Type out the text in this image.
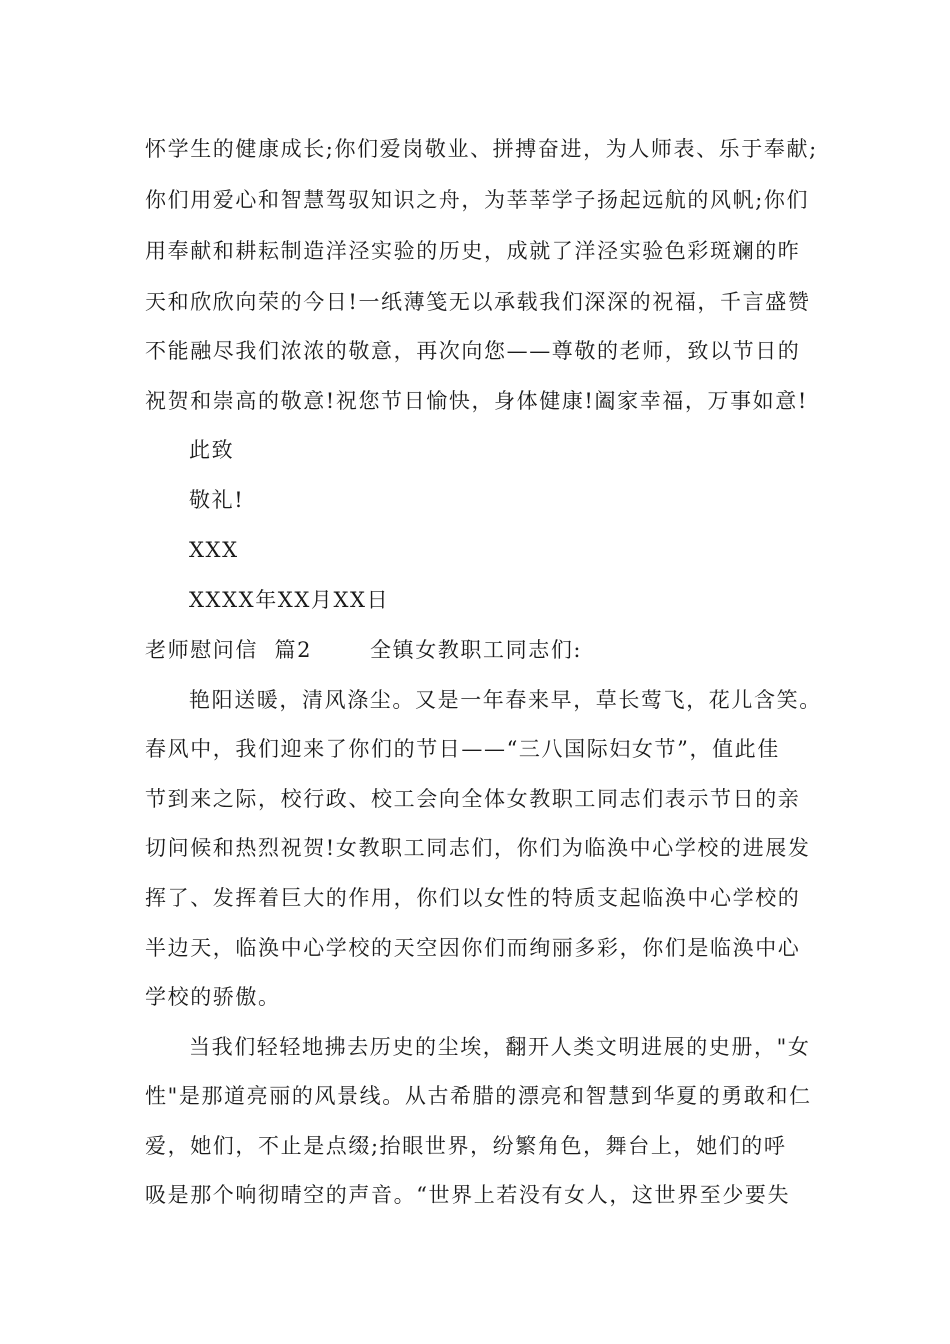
怀学生的健康成长;你们爱岗敬业、拼搏奋进，为人师表、乐于奉献;
你们用爱心和智慧驾驭知识之舟，为莘莘学子扬起远航的风帆;你们
用奉献和耕耘制造洋泾实验的历史，成就了洋泾实验色彩斑斓的昨
天和欣欣向荣的今日!一纸薄笺无以承载我们深深的祝福，千言盛赞
不能融尽我们浓浓的敬意，再次向您——尊敬的老师，致以节日的
祝贺和崇高的敬意!祝您节日愉快，身体健康!阖家幸福，万事如意!
此致
敬礼!
XXX
XXXX年XX月XX日
老师慰问信  篇2       全镇女教职工同志们:
艳阳送暖，清风涤尘。又是一年春来早，草长莺飞，花儿含笑。
春风中，我们迎来了你们的节日——“三八国际妇女节”，值此佳
节到来之际，校行政、校工会向全体女教职工同志们表示节日的亲
切问候和热烈祝贺!女教职工同志们，你们为临涣中心学校的进展发
挥了、发挥着巨大的作用，你们以女性的特质支起临涣中心学校的
半边天，临涣中心学校的天空因你们而绚丽多彩，你们是临涣中心
学校的骄傲。
当我们轻轻地拂去历史的尘埃，翻开人类文明进展的史册，"女
性"是那道亮丽的风景线。从古希腊的漂亮和智慧到华夏的勇敢和仁
爱，她们，不止是点缀;抬眼世界，纷繁角色，舞台上，她们的呼
吸是那个响彻晴空的声音。“世界上若没有女人，这世界至少要失
